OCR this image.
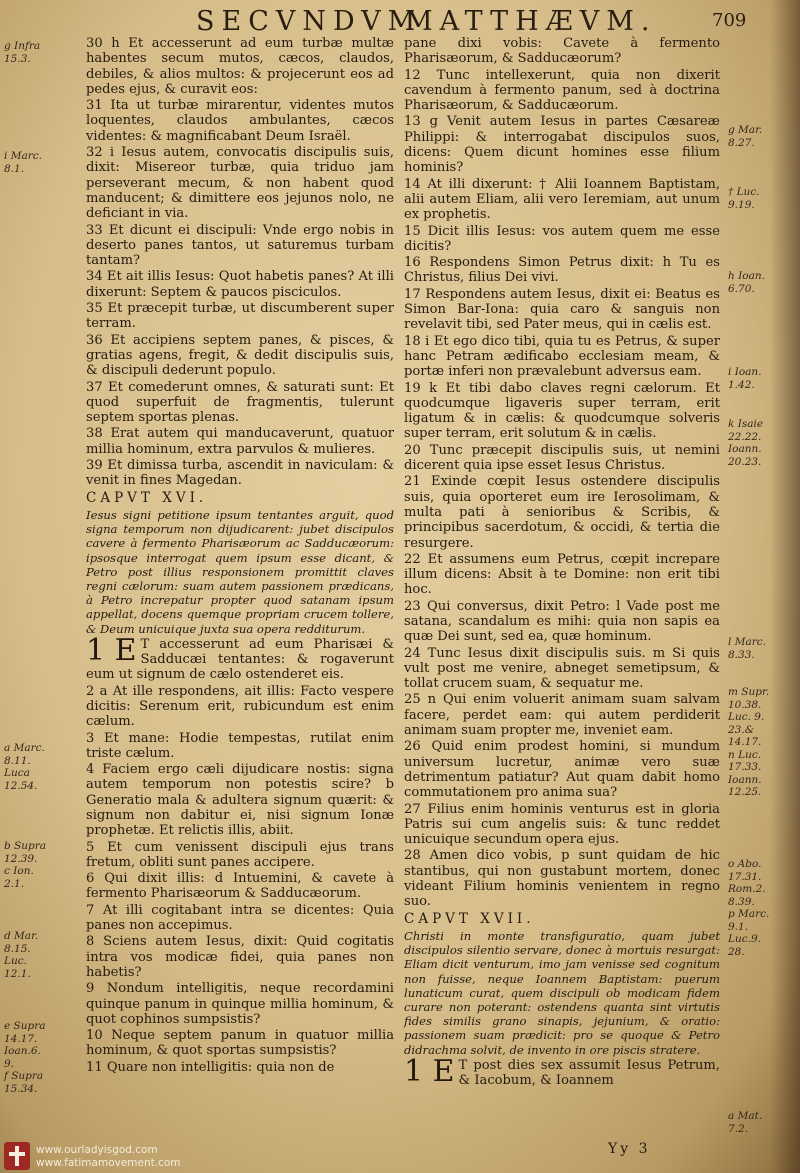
SECVNDVM
MATTHÆVM.	709

30 h Et accesserunt ad eum turbæ multæ habentes secum mutos, cæcos, claudos, debiles, & alios multos: & projecerunt eos ad pedes ejus, & curavit eos:

31 Ita ut turbæ mirarentur, videntes mutos loquentes, claudos ambulantes, cæcos videntes: & magnificabant Deum Israël.

32 i Iesus autem, convocatis discipulis suis, dixit: Misereor turbæ, quia triduo jam perseverant mecum, & non habent quod manducent; & dimittere eos jejunos nolo, ne deficiant in via.

33 Et dicunt ei discipuli: Vnde ergo nobis in deserto panes tantos, ut saturemus turbam tantam?

34 Et ait illis Iesus: Quot habetis panes? At illi dixerunt: Septem & paucos pisciculos.

35 Et præcepit turbæ, ut discumberent super terram.

36 Et accipiens septem panes, & pisces, & gratias agens, fregit, & dedit discipulis suis, & discipuli dederunt populo.

37 Et comederunt omnes, & saturati sunt: Et quod superfuit de fragmentis, tulerunt septem sportas plenas.

38 Erat autem qui manducaverunt, quatuor millia hominum, extra parvulos & mulieres.

39 Et dimissa turba, ascendit in naviculam: & venit in fines Magedan.

CAPVT XVI.

Iesus signi petitione ipsum tentantes arguit, quod signa temporum non dijudicarent: jubet discipulos cavere à fermento Pharisæorum ac Sadducæorum: ipsosque interrogat quem ipsum esse dicant, & Petro post illius responsionem promittit claves regni cælorum: suam autem passionem prædicans, à Petro increpatur propter quod satanam ipsum appellat, docens quemque propriam crucem tollere, & Deum unicuique juxta sua opera redditurum.

1 E T accesserunt ad eum Pharisæi & Sadducæi tentantes: & rogaverunt eum ut signum de cælo ostenderet eis.

2 a At ille respondens, ait illis: Facto vespere dicitis: Serenum erit, rubicundum est enim cælum.

3 Et mane: Hodie tempestas, rutilat enim triste cælum.

4 Faciem ergo cæli dijudicare nostis: signa autem temporum non potestis scire? b Generatio mala & adultera signum quærit: & signum non dabitur ei, nisi signum Ionæ prophetæ. Et relictis illis, abiit.

5 Et cum venissent discipuli ejus trans fretum, obliti sunt panes accipere.

6 Qui dixit illis: d Intuemini, & cavete à fermento Pharisæorum & Sadducæorum.

7 At illi cogitabant intra se dicentes: Quia panes non accepimus.

8 Sciens autem Iesus, dixit: Quid cogitatis intra vos modicæ fidei, quia panes non habetis?

9 Nondum intelligitis, neque recordamini quinque panum in quinque millia hominum, & quot cophinos sumpsistis?

10 Neque septem panum in quatuor millia hominum, & quot sportas sumpsistis?

11 Quare non intelligitis: quia non de

pane dixi vobis: Cavete à fermento Pharisæorum, & Sadducæorum?

12 Tunc intellexerunt, quia non dixerit cavendum à fermento panum, sed à doctrina Pharisæorum, & Sadducæorum.

13 g Venit autem Iesus in partes Cæsareæ Philippi: & interrogabat discipulos suos, dicens: Quem dicunt homines esse filium hominis?

14 At illi dixerunt: † Alii Ioannem Baptistam, alii autem Eliam, alii vero Ieremiam, aut unum ex prophetis.

15 Dicit illis Iesus: vos autem quem me esse dicitis?

16 Respondens Simon Petrus dixit: h Tu es Christus, filius Dei vivi.

17 Respondens autem Iesus, dixit ei: Beatus es Simon Bar-Iona: quia caro & sanguis non revelavit tibi, sed Pater meus, qui in cælis est.

18 i Et ego dico tibi, quia tu es Petrus, & super hanc Petram ædificabo ecclesiam meam, & portæ inferi non prævalebunt adversus eam.

19 k Et tibi dabo claves regni cælorum. Et quodcumque ligaveris super terram, erit ligatum & in cælis: & quodcumque solveris super terram, erit solutum & in cælis.

20 Tunc præcepit discipulis suis, ut nemini dicerent quia ipse esset Iesus Christus.

21 Exinde cœpit Iesus ostendere discipulis suis, quia oporteret eum ire Ierosolimam, & multa pati à senioribus & Scribis, & principibus sacerdotum, & occidi, & tertia die resurgere.

22 Et assumens eum Petrus, cœpit increpare illum dicens: Absit à te Domine: non erit tibi hoc.

23 Qui conversus, dixit Petro: l Vade post me satana, scandalum es mihi: quia non sapis ea quæ Dei sunt, sed ea, quæ hominum.

24 Tunc Iesus dixit discipulis suis. m Si quis vult post me venire, abneget semetipsum, & tollat crucem suam, & sequatur me.

25 n Qui enim voluerit animam suam salvam facere, perdet eam: qui autem perdiderit animam suam propter me, inveniet eam.

26 Quid enim prodest homini, si mundum universum lucretur, animæ vero suæ detrimentum patiatur? Aut quam dabit homo commutationem pro anima sua?

27 Filius enim hominis venturus est in gloria Patris sui cum angelis suis: & tunc reddet unicuique secundum opera ejus.

28 Amen dico vobis, p sunt quidam de hic stantibus, qui non gustabunt mortem, donec videant Filium hominis venientem in regno suo.

CAPVT XVII.

Christi in monte transfiguratio, quam jubet discipulos silentio servare, donec à mortuis resurgat: Eliam dicit venturum, imo jam venisse sed cognitum non fuisse, neque Ioannem Baptistam: puerum lunaticum curat, quem discipuli ob modicam fidem curare non poterant: ostendens quanta sint virtutis fides similis grano sinapis, jejunium, & oratio: passionem suam prædicit: pro se quoque & Petro didrachma solvit, de invento in ore piscis stratere.

1 E T post dies sex assumit Iesus Petrum, & Iacobum, & Ioannem

g Infra
15.3.
i Marc.
8.1.
a Marc.
8.11.
Luca
12.54.
b Supra
12.39.
c Ion.
2.1.
d Mar.
8.15.
Luc.
12.1.
e Supra
14.17.
Ioan.6.
9.
f Supra
15.34.
g Mar.
8.27.
† Luc.
9.19.
h Ioan.
6.70.
i Ioan.
1.42.
k Isaie
22.22.
Ioann.
20.23.
l Marc.
8.33.
m Supr.
10.38.
Luc. 9.
23.&
14.17.
n Luc.
17.33.
Ioann.
12.25.
o Abo.
17.31.
Rom.2.
8.39.
p Marc.
9.1.
Luc.9.
28.
a Mat.
7.2.
Yy 3
www.ourladyisgod.com
www.fatimamovement.com
